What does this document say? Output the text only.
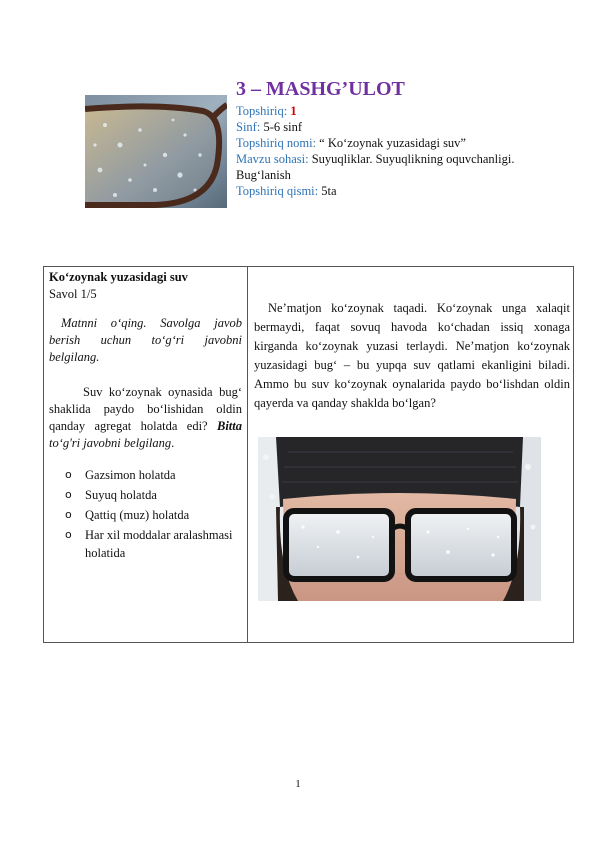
3 – MASHG’ULOT
Topshiriq: 1
Sinf: 5-6 sinf
Topshiriq nomi: “ Ko‘zoynak yuzasidagi suv”
Mavzu sohasi: Suyuqliklar. Suyuqlikning oquvchanligi. Bug‘lanish
Topshiriq qismi: 5ta
Ko‘zoynak yuzasidagi suv
Savol 1/5
Matnni o‘qing. Savolga javob berish uchun to‘g‘ri javobni belgilang.
Suv ko‘zoynak oynasida bug‘ shaklida paydo bo‘lishidan oldin qanday agregat holatda edi? Bitta to‘g'ri javobni belgilang.
o Gazsimon holatda
o Suyuq holatda
o Qattiq (muz) holatda
o Har xil moddalar aralashmasi holatida
Ne’matjon ko‘zoynak taqadi. Ko‘zoynak unga xalaqit bermaydi, faqat sovuq havoda ko‘chadan issiq xonaga kirganda ko‘zoynak yuzasi terlaydi. Ne’matjon ko‘zoynak yuzasidagi bug‘ – bu yupqa suv qatlami ekanligini biladi. Ammo bu suv ko‘zoynak oynalarida paydo bo‘lishdan oldin qayerda va qanday shaklda bo‘lgan?
1
